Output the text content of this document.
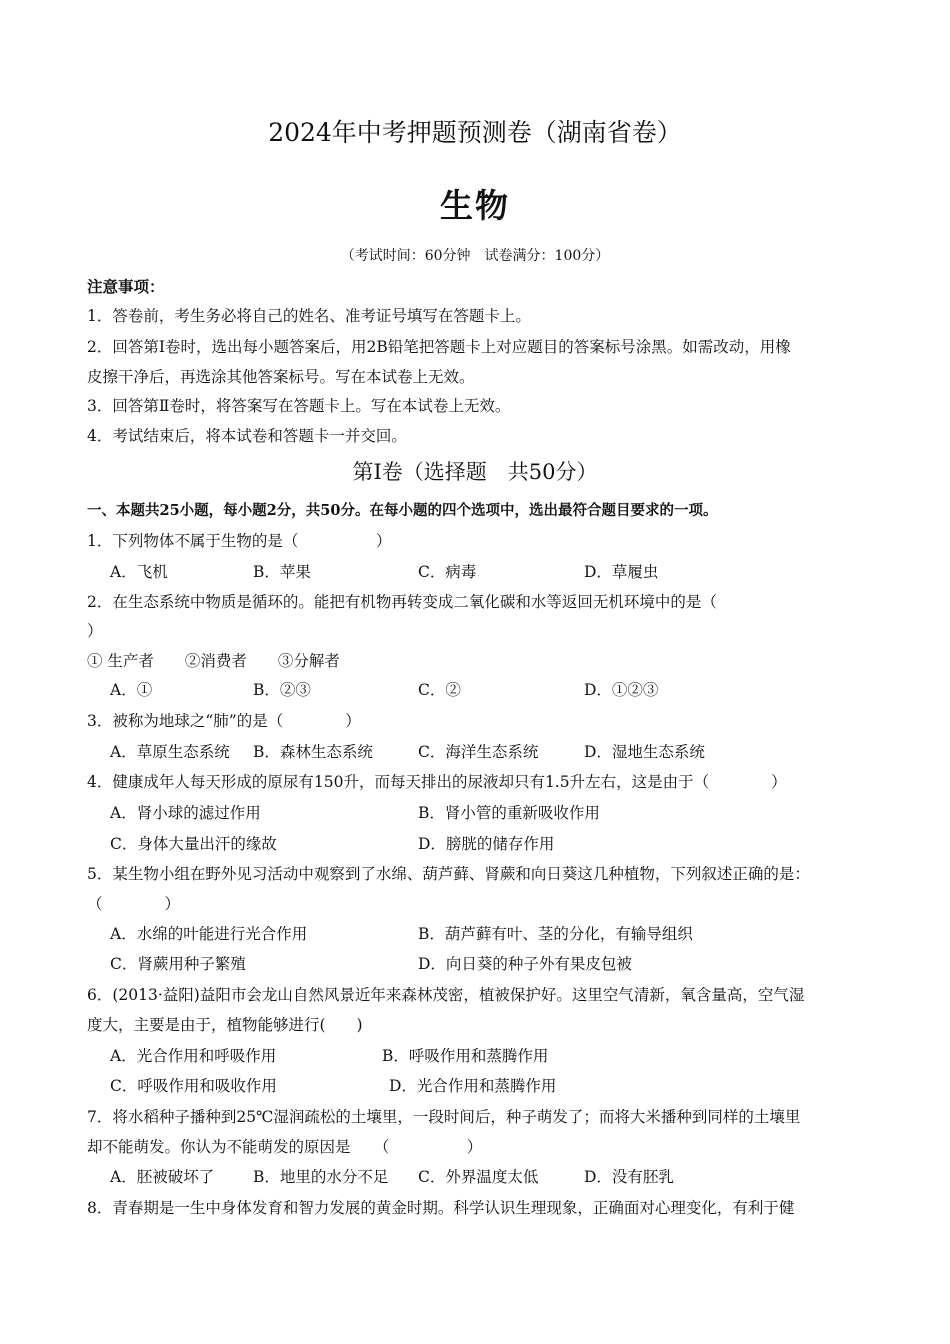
2024年中考押题预测卷（湖南省卷）
生物
（考试时间：60分钟　试卷满分：100分）
注意事项：
1．答卷前，考生务必将自己的姓名、准考证号填写在答题卡上。
2．回答第Ⅰ卷时，选出每小题答案后，用2B铅笔把答题卡上对应题目的答案标号涂黑。如需改动，用橡
皮擦干净后，再选涂其他答案标号。写在本试卷上无效。
3．回答第Ⅱ卷时，将答案写在答题卡上。写在本试卷上无效。
4．考试结束后，将本试卷和答题卡一并交回。
第Ⅰ卷（选择题　共50分）
一、本题共25小题，每小题2分，共50分。在每小题的四个选项中，选出最符合题目要求的一项。
1．下列物体不属于生物的是（　　　　　）
A．飞机	B．苹果	C．病毒	D．草履虫
2．在生态系统中物质是循环的。能把有机物再转变成二氧化碳和水等返回无机环境中的是（
）
① 生产者　　②消费者　　③分解者
A．①	B．②③	C．②	D．①②③
3．被称为地球之“肺”的是（　　　　）
A．草原生态系统 B．森林生态系统	C．海洋生态系统	D．湿地生态系统
4．健康成年人每天形成的原尿有150升，而每天排出的尿液却只有1.5升左右，这是由于（　　　　）
A．肾小球的滤过作用	B．肾小管的重新吸收作用
C．身体大量出汗的缘故	D．膀胱的储存作用
5．某生物小组在野外见习活动中观察到了水绵、葫芦藓、肾蕨和向日葵这几种植物，下列叙述正确的是：
（　　　　）
A．水绵的叶能进行光合作用	B．葫芦藓有叶、茎的分化，有输导组织
C．肾蕨用种子繁殖	D．向日葵的种子外有果皮包被
6．(2013·益阳)益阳市会龙山自然风景近年来森林茂密，植被保护好。这里空气清新，氧含量高，空气湿
度大，主要是由于，植物能够进行(　　)
A．光合作用和呼吸作用	B．呼吸作用和蒸腾作用
C．呼吸作用和吸收作用	D．光合作用和蒸腾作用
7．将水稻种子播种到25℃湿润疏松的土壤里，一段时间后，种子萌发了；而将大米播种到同样的土壤里
却不能萌发。你认为不能萌发的原因是　　（　　　　　）
A．胚被破坏了	B．地里的水分不足 C．外界温度太低	D．没有胚乳
8．青春期是一生中身体发育和智力发展的黄金时期。科学认识生理现象，正确面对心理变化，有利于健
